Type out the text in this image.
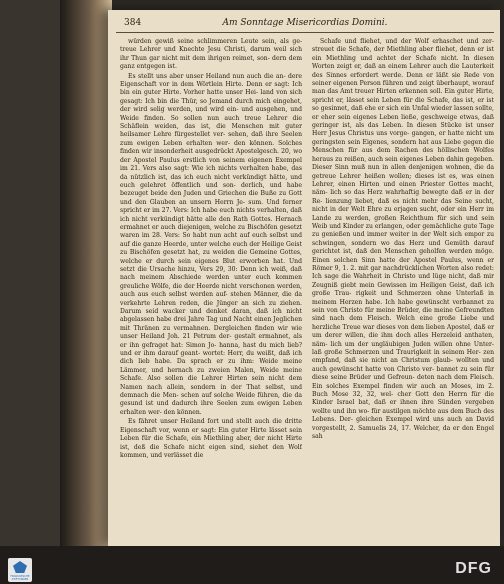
384	Am Sonntage Misericordias Domini.

würden gewiß seine schlimmeren Leute sein, als ge- treue Lehrer und Knechte Jesu Christi, darum weil sich ihr Thun gar nicht mit dem ihrigen reimet, son- dern dem ganz entgegen ist.

Es stellt uns aber unser Heiland nun auch die an- dere Eigenschaft vor in dem Wörtlein Hirte. Denn er sagt: Ich bin ein guter Hirte. Vorher hatte unser Hei- land von sich gesagt: Ich bin die Thür, so Jemand durch mich eingehet, der wird selig werden, und wird ein- und ausgehen, und Weide finden. So sollen nun auch treue Lehrer die Schäflein weiden, das ist, die Menschen mit guter heilsamer Lehre fürgestellet ver- sehen, daß ihre Seelen zum ewigen Leben erhalten wer- den können. Solches finden wir insonderheit ausgedrückt Apostelgesch. 20, wo der Apostel Paulus erstlich von seinem eigenen Exempel im 21. Vers also sagt: Wie ich nichts verhalten habe, das da nützlich ist, das ich euch nicht verkündigt hätte, und euch gelehret öffentlich und son- derlich, und habe bezeuget beide den Juden und Griechen die Buße zu Gott und den Glauben an unsern Herrn Je- sum. Und ferner spricht er im 27. Vers: Ich habe euch nichts verhalten, daß ich nicht verkündigt hätte alle den Rath Gottes. Hernach ermahnet er auch diejenigen, welche zu Bischöfen gesetzt waren im 28. Vers: So habt nun acht auf euch selbst und auf die ganze Heerde, unter welche euch der Heilige Geist zu Bischöfen gesetzt hat, zu weiden die Gemeine Gottes, welche er durch sein eigenes Blut erworben hat. Und setzt die Ursache hinzu, Vers 29, 30: Denn ich weiß, daß nach meinem Abschiede werden unter euch kommen greuliche Wölfe, die der Heerde nicht verschonen werden, auch aus euch selbst werden auf- stehen Männer, die da verkehrte Lehren reden, die Jünger an sich zu ziehen. Darum seid wacker und denket daran, daß ich nicht abgelassen habe drei Jahre Tag und Nacht einen Jeglichen mit Thränen zu vermahnen. Dergleichen finden wir wie unser Heiland Joh. 21 Petrum der- gestalt ermahnet, als er ihn gefraget hat: Simon Jo- hanna, hast du mich lieb? und er ihm darauf geant- wortet: Herr, du weißt, daß ich dich lieb habe. Da sprach er zu ihm: Weide meine Lämmer, und hernach zu zweien Malen, Weide meine Schafe. Also sollen die Lehrer Hirten sein nicht dem Namen nach allein, sondern in der That selbst, und demnach die Men- schen auf solche Weide führen, die da gesund ist und dadurch ihre Seelen zum ewigen Leben erhalten wer- den können.

Es fähret unser Heiland fort und stellt auch die dritte Eigenschaft vor, wenn er sagt: Ein guter Hirte lässet sein Leben für die Schafe, ein Miethling aber, der nicht Hirte ist, deß die Schafe nicht eigen sind, siehet den Wolf kommen, und verlässet die

Schafe und fliehet, und der Wolf erhaschet und zer- streuet die Schafe, der Miethling aber fliehet, denn er ist ein Miethling und achtet der Schafe nicht. In diesen Worten zeigt er, daß an einem Lehrer auch die Lauterkeit des Sinnes erfordert werde. Denn er läßt sie Rede von seiner eigenen Person führen und zeigt überhaupt, worauf man das Amt treuer Hirten erkennen soll. Ein guter Hirte, spricht er, lässet sein Leben für die Schafe, das ist, er ist so gesinnet, daß ehe er sich ein Unfal wieder lassen sollte, er eher sein eigenes Leben ließe, geschweige etwas, daß geringer ist, als das Leben. In diesen Stücke ist unser Herr Jesus Christus uns vorge- gangen, er hatte nicht um geringsten sein Eigenes, sondern hat aus Liebe gegen die Menschen für aus dem Rachen des höllischen Wolfes heraus zu reißen, auch sein eigenes Leben dahin gegeben. Dieser Sinn muß nun in allen denjenigen wohnen, die da getreue Lehrer heißen wollen; dieses ist es, was einen Lehrer, einen Hirten und einen Priester Gottes macht, näm- lich so das Herz wahrhaftig bewegte daß er in der Re- lienzung liebet, daß es nicht mehr das Seine sucht, nicht in der Welt Ehre zu erjagen sucht, oder ein Herr im Lande zu werden, großen Reichthum für sich und sein Weib und Kinder zu erlangen, oder gemächliche gute Tage zu genießen und immer weiter in der Welt sich empor zu schwingen, sondern wo das Herz und Gemüth darauf gerichtet ist, daß den Menschen geholfen werden möge. Einen solchen Sinn hatte der Apostel Paulus, wenn er Römer 9, 1. 2. mit gar nachdrücklichen Worten also redet: Ich sage die Wahrheit in Christo und lüge nicht, daß mir Zeugniß giebt mein Gewissen im Heiligen Geist, daß ich große Trau- rigkeit und Schmerzen ohne Unterlaß in meinem Herzen habe. Ich habe gewünscht verbannet zu sein von Christo für meine Brüder, die meine Gefreundten sind nach dem Fleisch. Welch eine große Liebe und herzliche Treue war dieses von dem lieben Apostel, daß er um derer willen, die ihm doch alles Herzeleid anthaten, näm- lich um der ungläubigen Juden willen ohne Unter- laß große Schmerzen und Traurigkeit in seinem Her- zen empfand, daß sie nicht an Christum glaub- wollten und auch gewünscht hatte von Christo ver- bannet zu sein für diese seine Brüder und Gefreun- deten nach dem Fleisch. Ein solches Exempel finden wir auch an Moses, im 2. Buch Mose 32, 32, wel- cher Gott den Herrn für die Kinder Israel bat, daß er ihnen ihre Sünden vergeben wollte und ihn wo- für austilgen möchte aus dem Buch des Lebens. Der- gleichen Exempel wird uns auch an David vorgestellt, 2. Samuelis 24, 17. Welcher, da er den Engel sah

FRANCKESCHE STIFTUNGEN
DFG
